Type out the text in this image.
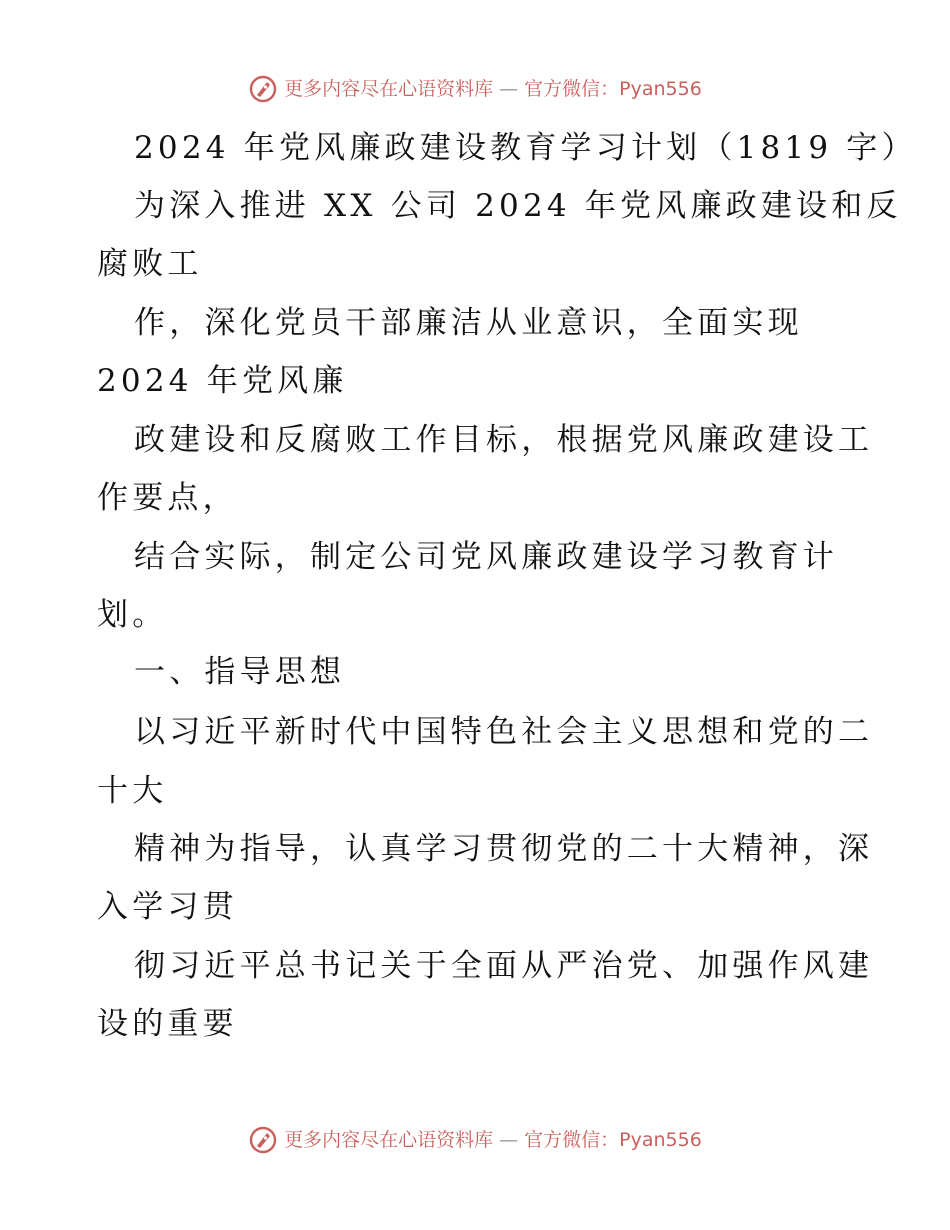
更多内容尽在心语资料库 — 官方微信：Pyan556
2024 年党风廉政建设教育学习计划（1819 字）
为深入推进 XX 公司 2024 年党风廉政建设和反
腐败工
作，深化党员干部廉洁从业意识，全面实现
2024 年党风廉
政建设和反腐败工作目标，根据党风廉政建设工
作要点，
结合实际，制定公司党风廉政建设学习教育计
划。
一、指导思想
以习近平新时代中国特色社会主义思想和党的二
十大
精神为指导，认真学习贯彻党的二十大精神，深
入学习贯
彻习近平总书记关于全面从严治党、加强作风建
设的重要
更多内容尽在心语资料库 — 官方微信：Pyan556
